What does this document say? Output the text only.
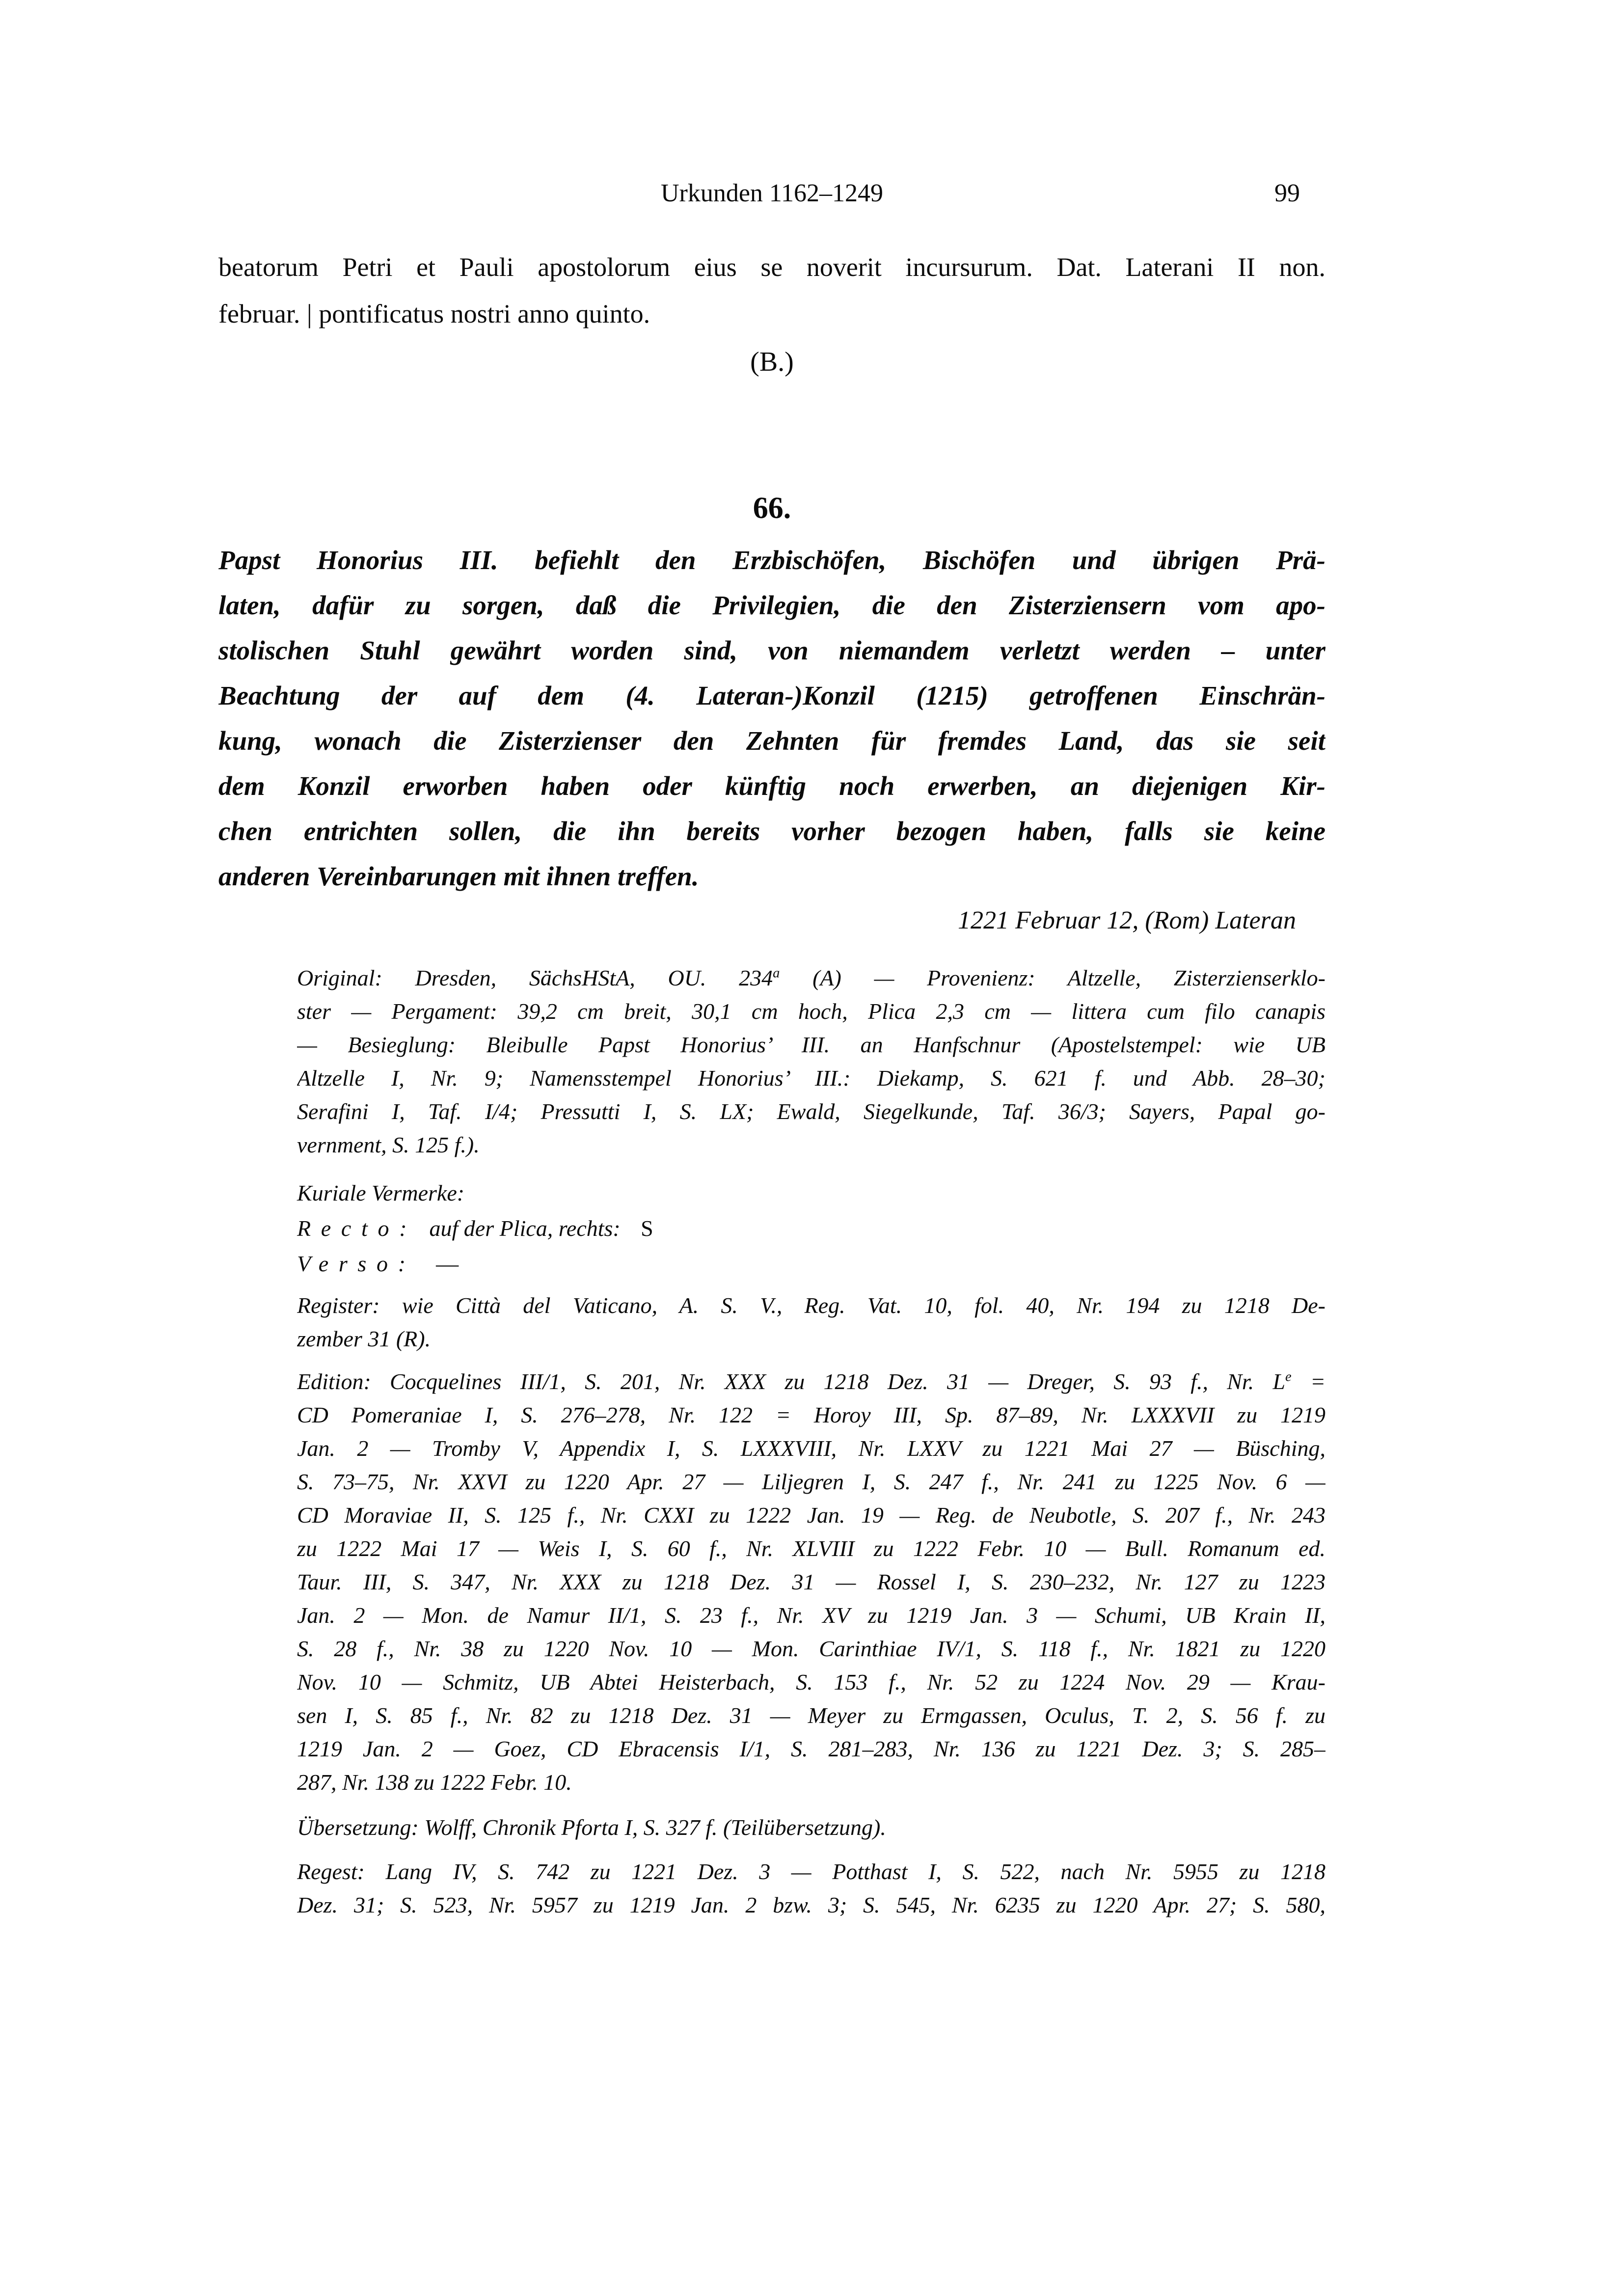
Urkunden 1162–1249	99
beatorum Petri et Pauli apostolorum eius se noverit incursurum. Dat. Laterani II non.
februar. | pontificatus nostri anno quinto.
(B.)
66.
Papst Honorius III. befiehlt den Erzbischöfen, Bischöfen und übrigen Prä-
laten, dafür zu sorgen, daß die Privilegien, die den Zisterziensern vom apo-
stolischen Stuhl gewährt worden sind, von niemandem verletzt werden – unter
Beachtung der auf dem (4. Lateran-)Konzil (1215) getroffenen Einschrän-
kung, wonach die Zisterzienser den Zehnten für fremdes Land, das sie seit
dem Konzil erworben haben oder künftig noch erwerben, an diejenigen Kir-
chen entrichten sollen, die ihn bereits vorher bezogen haben, falls sie keine
anderen Vereinbarungen mit ihnen treffen.
1221 Februar 12, (Rom) Lateran
Original: Dresden, SächsHStA, OU. 234$^a$ (A) — Provenienz: Altzelle, Zisterzienserklo-
ster — Pergament: 39,2 cm breit, 30,1 cm hoch, Plica 2,3 cm — littera cum filo canapis
— Besieglung: Bleibulle Papst Honorius’ III. an Hanfschnur (Apostelstempel: wie UB
Altzelle I, Nr. 9; Namensstempel Honorius’ III.: Diekamp, S. 621 f. und Abb. 28–30;
Serafini I, Taf. I/4; Pressutti I, S. LX; Ewald, Siegelkunde, Taf. 36/3; Sayers, Papal go-
vernment, S. 125 f.).
Kuriale Vermerke:
Recto: auf der Plica, rechts: S
Verso: —
Register: wie Città del Vaticano, A. S. V., Reg. Vat. 10, fol. 40, Nr. 194 zu 1218 De-
zember 31 (R).
Edition: Cocquelines III/1, S. 201, Nr. XXX zu 1218 Dez. 31 — Dreger, S. 93 f., Nr. $L^e$ =
CD Pomeraniae I, S. 276–278, Nr. 122 = Horoy III, Sp. 87–89, Nr. LXXXVII zu 1219
Jan. 2 — Tromby V, Appendix I, S. LXXXVIII, Nr. LXXV zu 1221 Mai 27 — Büsching,
S. 73–75, Nr. XXVI zu 1220 Apr. 27 — Liljegren I, S. 247 f., Nr. 241 zu 1225 Nov. 6 —
CD Moraviae II, S. 125 f., Nr. CXXI zu 1222 Jan. 19 — Reg. de Neubotle, S. 207 f., Nr. 243
zu 1222 Mai 17 — Weis I, S. 60 f., Nr. XLVIII zu 1222 Febr. 10 — Bull. Romanum ed.
Taur. III, S. 347, Nr. XXX zu 1218 Dez. 31 — Rossel I, S. 230–232, Nr. 127 zu 1223
Jan. 2 — Mon. de Namur II/1, S. 23 f., Nr. XV zu 1219 Jan. 3 — Schumi, UB Krain II,
S. 28 f., Nr. 38 zu 1220 Nov. 10 — Mon. Carinthiae IV/1, S. 118 f., Nr. 1821 zu 1220
Nov. 10 — Schmitz, UB Abtei Heisterbach, S. 153 f., Nr. 52 zu 1224 Nov. 29 — Krau-
sen I, S. 85 f., Nr. 82 zu 1218 Dez. 31 — Meyer zu Ermgassen, Oculus, T. 2, S. 56 f. zu
1219 Jan. 2 — Goez, CD Ebracensis I/1, S. 281–283, Nr. 136 zu 1221 Dez. 3; S. 285–
287, Nr. 138 zu 1222 Febr. 10.
Übersetzung: Wolff, Chronik Pforta I, S. 327 f. (Teilübersetzung).
Regest: Lang IV, S. 742 zu 1221 Dez. 3 — Potthast I, S. 522, nach Nr. 5955 zu 1218
Dez. 31; S. 523, Nr. 5957 zu 1219 Jan. 2 bzw. 3; S. 545, Nr. 6235 zu 1220 Apr. 27; S. 580,
